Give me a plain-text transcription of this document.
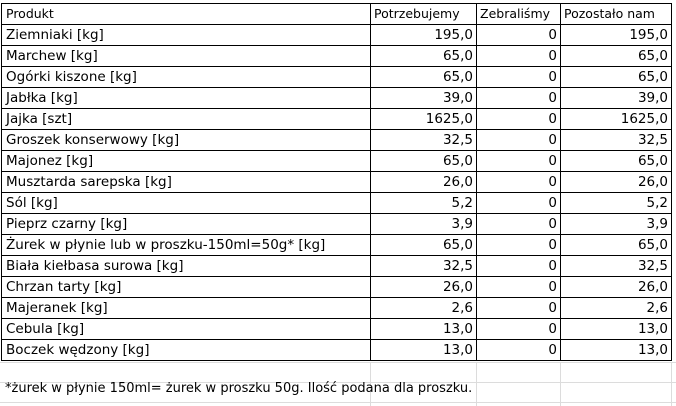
Produkt	Potrzebujemy	Zebraliśmy	Pozostało nam
Ziemniaki [kg]	195,0	0	195,0
Marchew [kg]	65,0	0	65,0
Ogórki kiszone [kg]	65,0	0	65,0
Jabłka [kg]	39,0	0	39,0
Jajka [szt]	1625,0	0	1625,0
Groszek konserwowy [kg]	32,5	0	32,5
Majonez [kg]	65,0	0	65,0
Musztarda sarepska [kg]	26,0	0	26,0
Sól [kg]	5,2	0	5,2
Pieprz czarny [kg]	3,9	0	3,9
Żurek w płynie lub w proszku-150ml=50g* [kg]	65,0	0	65,0
Biała kiełbasa surowa [kg]	32,5	0	32,5
Chrzan tarty [kg]	26,0	0	26,0
Majeranek [kg]	2,6	0	2,6
Cebula [kg]	13,0	0	13,0
Boczek wędzony [kg]	13,0	0	13,0
*żurek w płynie 150ml= żurek w proszku 50g. Ilość podana dla proszku.
